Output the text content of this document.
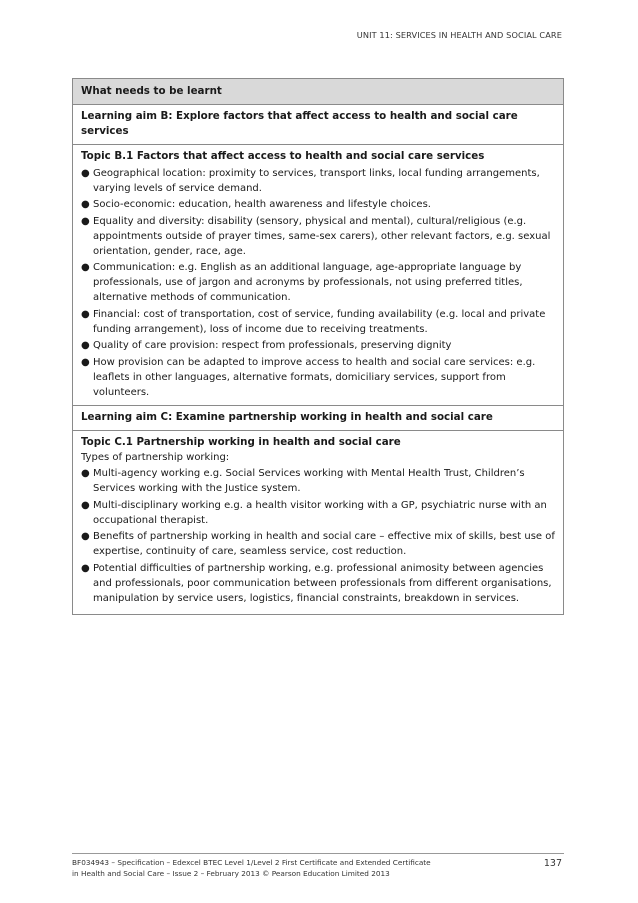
UNIT 11: SERVICES IN HEALTH AND SOCIAL CARE
What needs to be learnt
Learning aim B: Explore factors that affect access to health and social care services
Topic B.1 Factors that affect access to health and social care services
● Geographical location: proximity to services, transport links, local funding arrangements, varying levels of service demand.
● Socio-economic: education, health awareness and lifestyle choices.
● Equality and diversity: disability (sensory, physical and mental), cultural/religious (e.g. appointments outside of prayer times, same-sex carers), other relevant factors, e.g. sexual orientation, gender, race, age.
● Communication: e.g. English as an additional language, age-appropriate language by professionals, use of jargon and acronyms by professionals, not using preferred titles, alternative methods of communication.
● Financial: cost of transportation, cost of service, funding availability (e.g. local and private funding arrangement), loss of income due to receiving treatments.
● Quality of care provision: respect from professionals, preserving dignity
● How provision can be adapted to improve access to health and social care services: e.g. leaflets in other languages, alternative formats, domiciliary services, support from volunteers.
Learning aim C: Examine partnership working in health and social care
Topic C.1 Partnership working in health and social care
Types of partnership working:
● Multi-agency working e.g. Social Services working with Mental Health Trust, Children’s Services working with the Justice system.
● Multi-disciplinary working e.g. a health visitor working with a GP, psychiatric nurse with an occupational therapist.
● Benefits of partnership working in health and social care – effective mix of skills, best use of expertise, continuity of care, seamless service, cost reduction.
● Potential difficulties of partnership working, e.g. professional animosity between agencies and professionals, poor communication between professionals from different organisations, manipulation by service users, logistics, financial constraints, breakdown in services.
BF034943 – Specification – Edexcel BTEC Level 1/Level 2 First Certificate and Extended Certificate
in Health and Social Care – Issue 2 – February 2013 © Pearson Education Limited 2013
137
